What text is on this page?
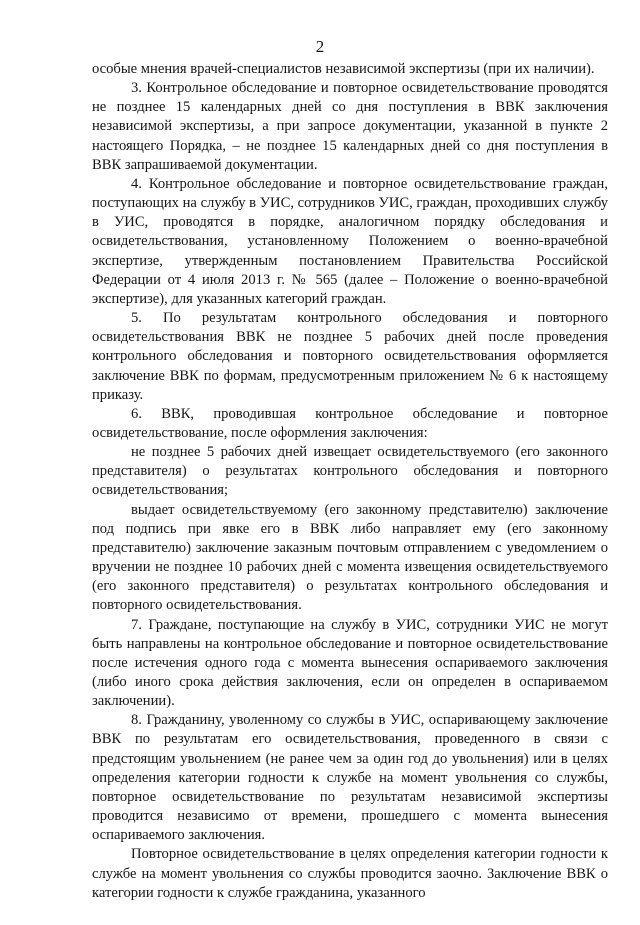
2

особые мнения врачей-специалистов независимой экспертизы (при их наличии).

3. Контрольное обследование и повторное освидетельствование проводятся не позднее 15 календарных дней со дня поступления в ВВК заключения независимой экспертизы, а при запросе документации, указанной в пункте 2 настоящего Порядка, – не позднее 15 календарных дней со дня поступления в ВВК запрашиваемой документации.

4. Контрольное обследование и повторное освидетельствование граждан, поступающих на службу в УИС, сотрудников УИС, граждан, проходивших службу в УИС, проводятся в порядке, аналогичном порядку обследования и освидетельствования, установленному Положением о военно-врачебной экспертизе, утвержденным постановлением Правительства Российской Федерации от 4 июля 2013 г. № 565 (далее – Положение о военно-врачебной экспертизе), для указанных категорий граждан.

5. По результатам контрольного обследования и повторного освидетельствования ВВК не позднее 5 рабочих дней после проведения контрольного обследования и повторного освидетельствования оформляется заключение ВВК по формам, предусмотренным приложением № 6 к настоящему приказу.

6. ВВК, проводившая контрольное обследование и повторное освидетельствование, после оформления заключения:

не позднее 5 рабочих дней извещает освидетельствуемого (его законного представителя) о результатах контрольного обследования и повторного освидетельствования;

выдает освидетельствуемому (его законному представителю) заключение под подпись при явке его в ВВК либо направляет ему (его законному представителю) заключение заказным почтовым отправлением с уведомлением о вручении не позднее 10 рабочих дней с момента извещения освидетельствуемого (его законного представителя) о результатах контрольного обследования и повторного освидетельствования.

7. Граждане, поступающие на службу в УИС, сотрудники УИС не могут быть направлены на контрольное обследование и повторное освидетельствование после истечения одного года с момента вынесения оспариваемого заключения (либо иного срока действия заключения, если он определен в оспариваемом заключении).

8. Гражданину, уволенному со службы в УИС, оспаривающему заключение ВВК по результатам его освидетельствования, проведенного в связи с предстоящим увольнением (не ранее чем за один год до увольнения) или в целях определения категории годности к службе на момент увольнения со службы, повторное освидетельствование по результатам независимой экспертизы проводится независимо от времени, прошедшего с момента вынесения оспариваемого заключения.

Повторное освидетельствование в целях определения категории годности к службе на момент увольнения со службы проводится заочно. Заключение ВВК о категории годности к службе гражданина, указанного
